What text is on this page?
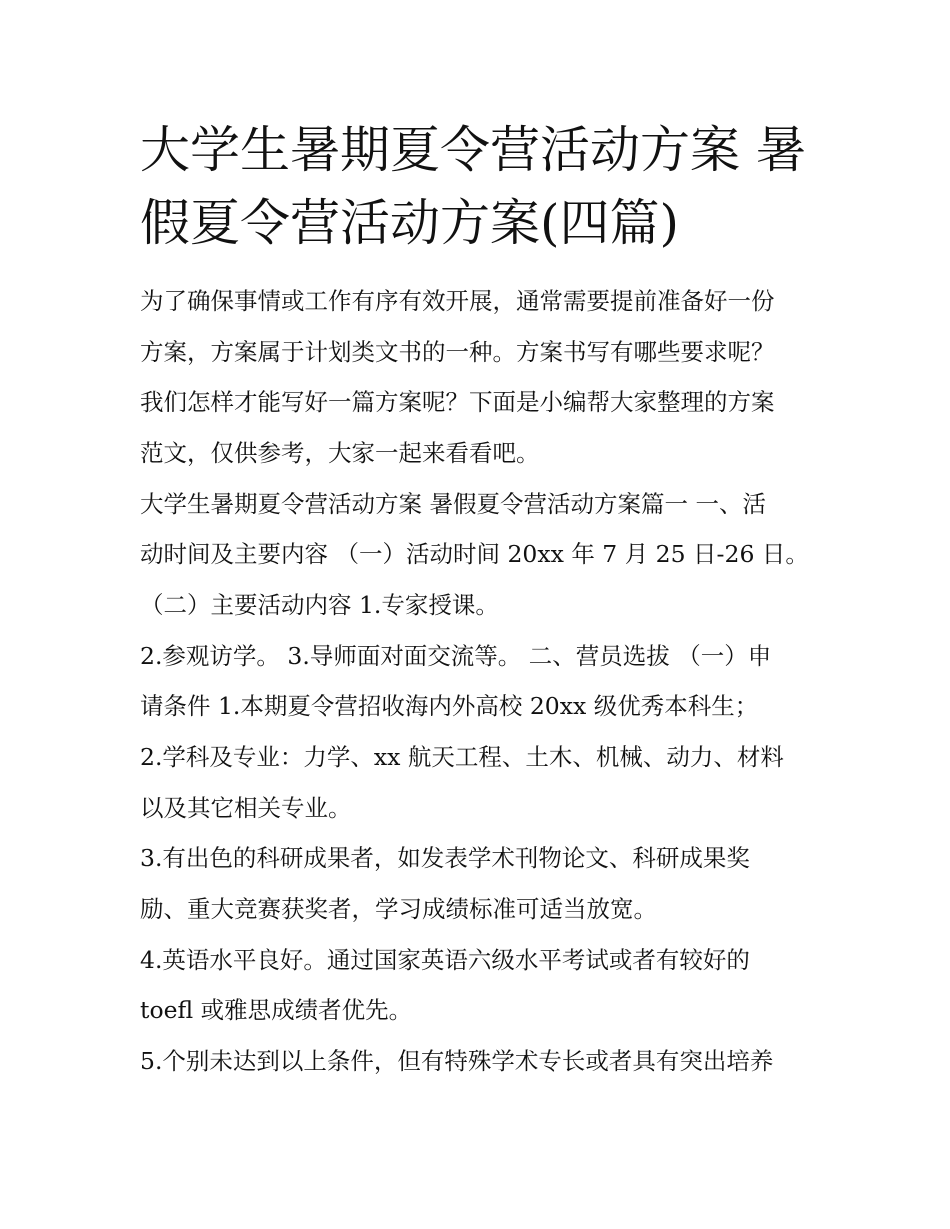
大学生暑期夏令营活动方案 暑
假夏令营活动方案(四篇)

为了确保事情或工作有序有效开展，通常需要提前准备好一份

方案，方案属于计划类文书的一种。方案书写有哪些要求呢？

我们怎样才能写好一篇方案呢？下面是小编帮大家整理的方案

范文，仅供参考，大家一起来看看吧。

大学生暑期夏令营活动方案 暑假夏令营活动方案篇一 一、活

动时间及主要内容 （一）活动时间 20xx 年 7 月 25 日-26 日。

（二）主要活动内容 1.专家授课。

2.参观访学。 3.导师面对面交流等。 二、营员选拔 （一）申

请条件 1.本期夏令营招收海内外高校 20xx 级优秀本科生；

2.学科及专业：力学、xx 航天工程、土木、机械、动力、材料

以及其它相关专业。

3.有出色的科研成果者，如发表学术刊物论文、科研成果奖

励、重大竞赛获奖者，学习成绩标准可适当放宽。

4.英语水平良好。通过国家英语六级水平考试或者有较好的

toefl 或雅思成绩者优先。

5.个别未达到以上条件，但有特殊学术专长或者具有突出培养
